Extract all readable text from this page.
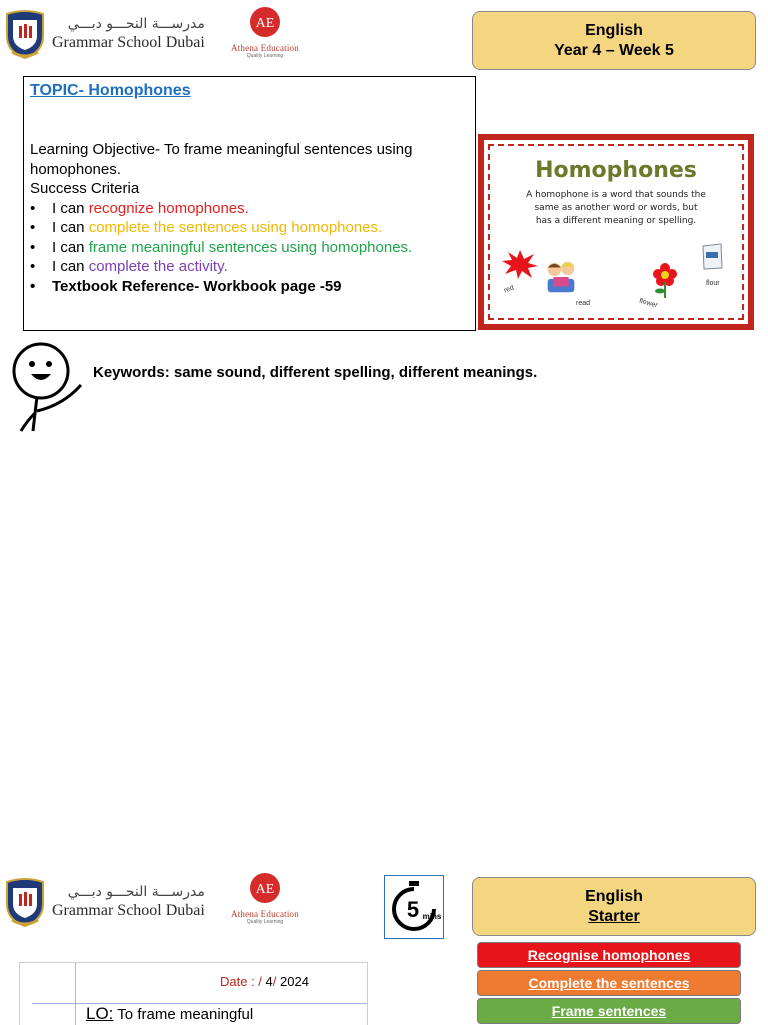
مدرســـة النحـــو دبـــي
Grammar School Dubai
AE
Athena Education
Quality Learning
English
Year 4 – Week 5
TOPIC- Homophones
Learning Objective- To frame meaningful sentences using homophones.
Success Criteria
• I can recognize homophones.
• I can complete the sentences using homophones.
• I can frame meaningful sentences using homophones.
• I can complete the activity.
• Textbook Reference- Workbook page -59
Homophones
A homophone is a word that sounds the same as another word or words, but has a different meaning or spelling.
red
read	flower
flour
Keywords: same sound, different spelling, different meanings.
مدرســـة النحـــو دبـــي
Grammar School Dubai
AE
Athena Education
Quality Learning	5 mins
English
Starter
Recognise homophones
Complete the sentences
Frame sentences
Date : / 4/ 2024
LO: To frame meaningful
